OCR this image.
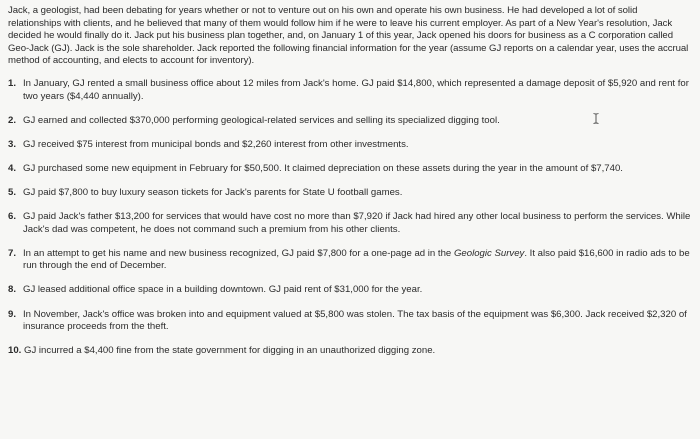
Jack, a geologist, had been debating for years whether or not to venture out on his own and operate his own business. He had developed a lot of solid relationships with clients, and he believed that many of them would follow him if he were to leave his current employer. As part of a New Year's resolution, Jack decided he would finally do it. Jack put his business plan together, and, on January 1 of this year, Jack opened his doors for business as a C corporation called Geo-Jack (GJ). Jack is the sole shareholder. Jack reported the following financial information for the year (assume GJ reports on a calendar year, uses the accrual method of accounting, and elects to account for inventory).

1. In January, GJ rented a small business office about 12 miles from Jack's home. GJ paid $14,800, which represented a damage deposit of $5,920 and rent for two years ($4,440 annually).
2. GJ earned and collected $370,000 performing geological-related services and selling its specialized digging tool.
3. GJ received $75 interest from municipal bonds and $2,260 interest from other investments.
4. GJ purchased some new equipment in February for $50,500. It claimed depreciation on these assets during the year in the amount of $7,740.
5. GJ paid $7,800 to buy luxury season tickets for Jack's parents for State U football games.
6. GJ paid Jack's father $13,200 for services that would have cost no more than $7,920 if Jack had hired any other local business to perform the services. While Jack's dad was competent, he does not command such a premium from his other clients.
7. In an attempt to get his name and new business recognized, GJ paid $7,800 for a one-page ad in the Geologic Survey. It also paid $16,600 in radio ads to be run through the end of December.
8. GJ leased additional office space in a building downtown. GJ paid rent of $31,000 for the year.
9. In November, Jack's office was broken into and equipment valued at $5,800 was stolen. The tax basis of the equipment was $6,300. Jack received $2,320 of insurance proceeds from the theft.
10. GJ incurred a $4,400 fine from the state government for digging in an unauthorized digging zone.
